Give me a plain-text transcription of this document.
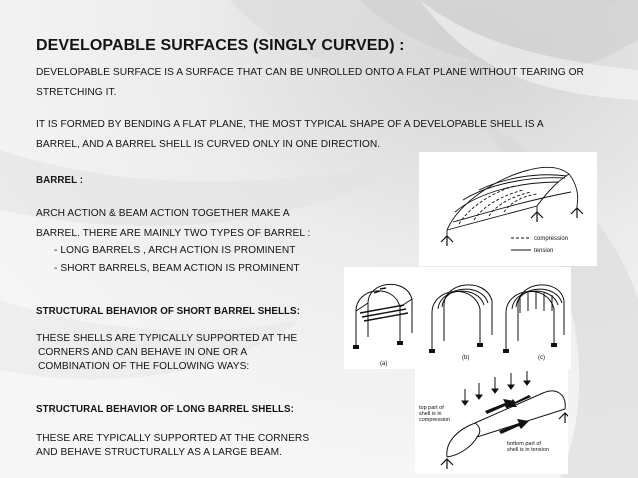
DEVELOPABLE SURFACES (SINGLY CURVED) :
DEVELOPABLE SURFACE IS A SURFACE THAT CAN BE UNROLLED ONTO A FLAT PLANE WITHOUT TEARING OR
STRETCHING IT.
IT IS FORMED BY BENDING A FLAT PLANE, THE MOST TYPICAL SHAPE OF A DEVELOPABLE SHELL IS A
BARREL, AND A BARREL SHELL IS CURVED ONLY IN ONE DIRECTION.
BARREL :
ARCH ACTION & BEAM ACTION TOGETHER MAKE A
BARREL. THERE ARE MAINLY TWO TYPES OF BARREL :
- LONG BARRELS , ARCH ACTION IS PROMINENT
- SHORT BARRELS, BEAM ACTION IS PROMINENT
STRUCTURAL BEHAVIOR OF SHORT BARREL SHELLS:
THESE SHELLS ARE TYPICALLY SUPPORTED AT THE
CORNERS AND CAN BEHAVE IN ONE OR A
COMBINATION OF THE FOLLOWING WAYS:
STRUCTURAL BEHAVIOR OF LONG BARREL SHELLS:
THESE ARE TYPICALLY SUPPORTED AT THE CORNERS
AND BEHAVE STRUCTURALLY AS A LARGE BEAM.
compression
tension
(a)
(b)	(c)
top part of
shell is in
compression
bottom part of
shell is in tension
